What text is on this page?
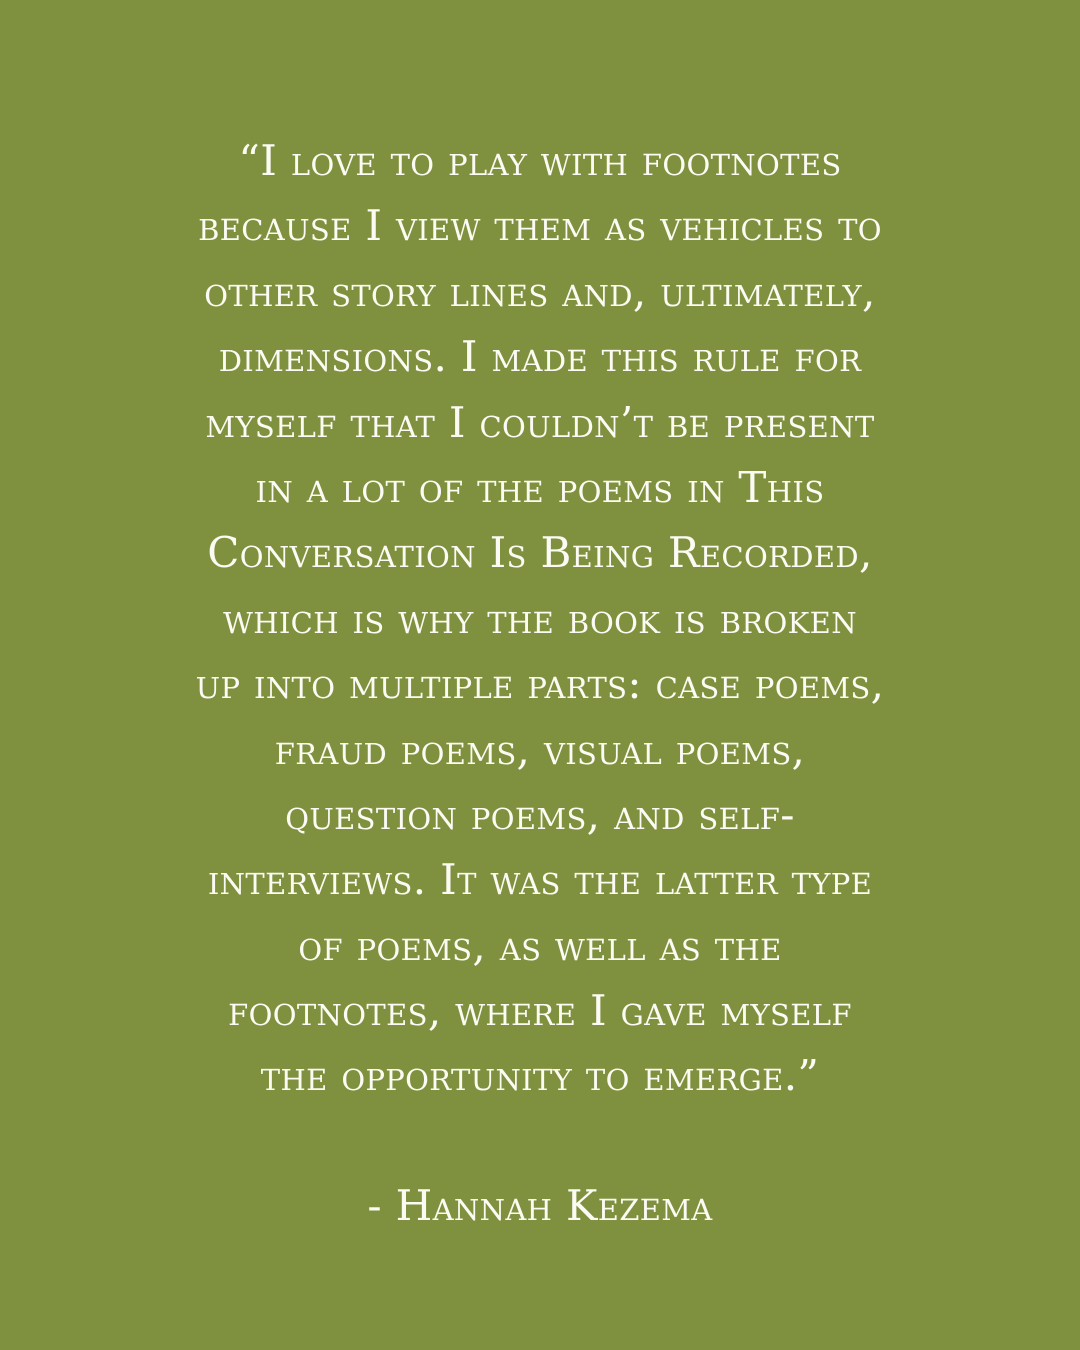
“I love to play with footnotes
because I view them as vehicles to
other story lines and, ultimately,
dimensions. I made this rule for
myself that I couldn’t be present
in a lot of the poems in This
Conversation Is Being Recorded,
which is why the book is broken
up into multiple parts: case poems,
fraud poems, visual poems,
question poems, and self-
interviews. It was the latter type
of poems, as well as the
footnotes, where I gave myself
the opportunity to emerge.”
- Hannah Kezema
